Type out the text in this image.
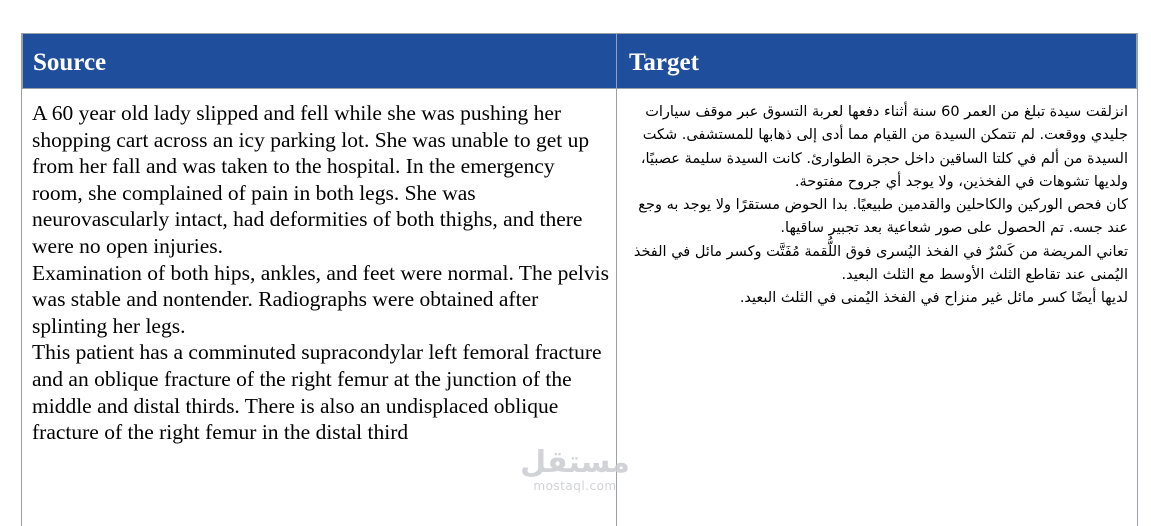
Source	Target

A 60 year old lady slipped and fell while she was pushing her shopping cart across an icy parking lot. She was unable to get up from her fall and was taken to the hospital. In the emergency room, she complained of pain in both legs. She was neurovascularly intact, had deformities of both thighs, and there were no open injuries.

Examination of both hips, ankles, and feet were normal. The pelvis was stable and nontender. Radiographs were obtained after splinting her legs.

This patient has a comminuted supracondylar left femoral fracture and an oblique fracture of the right femur at the junction of the middle and distal thirds. There is also an undisplaced oblique fracture of the right femur in the distal third

انزلقت سيدة تبلغ من العمر 60 سنة أثناء دفعها لعربة التسوق عبر موقف سيارات جليدي ووقعت. لم تتمكن السيدة من القيام مما أدى إلى ذهابها للمستشفى. شكت السيدة من ألم في كلتا الساقين داخل حجرة الطوارئ. كانت السيدة سليمة عصبيًا، ولديها تشوهات في الفخذين، ولا يوجد أي جروح مفتوحة.

كان فحص الوركين والكاحلين والقدمين طبيعيًا. بدا الحوض مستقرًا ولا يوجد به وجع عند جسه. تم الحصول على صور شعاعية بعد تجبير ساقيها.

تعاني المريضة من كَسْرٌ في الفخذ اليُسرى فوق اللُّقمة مُفَتَّت وكسر مائل في الفخذ اليُمنى عند تقاطع الثلث الأوسط مع الثلث البعيد.

لديها أيضًا كسر مائل غير منزاح في الفخذ اليُمنى في الثلث البعيد.

مستقل
mostaql.com
